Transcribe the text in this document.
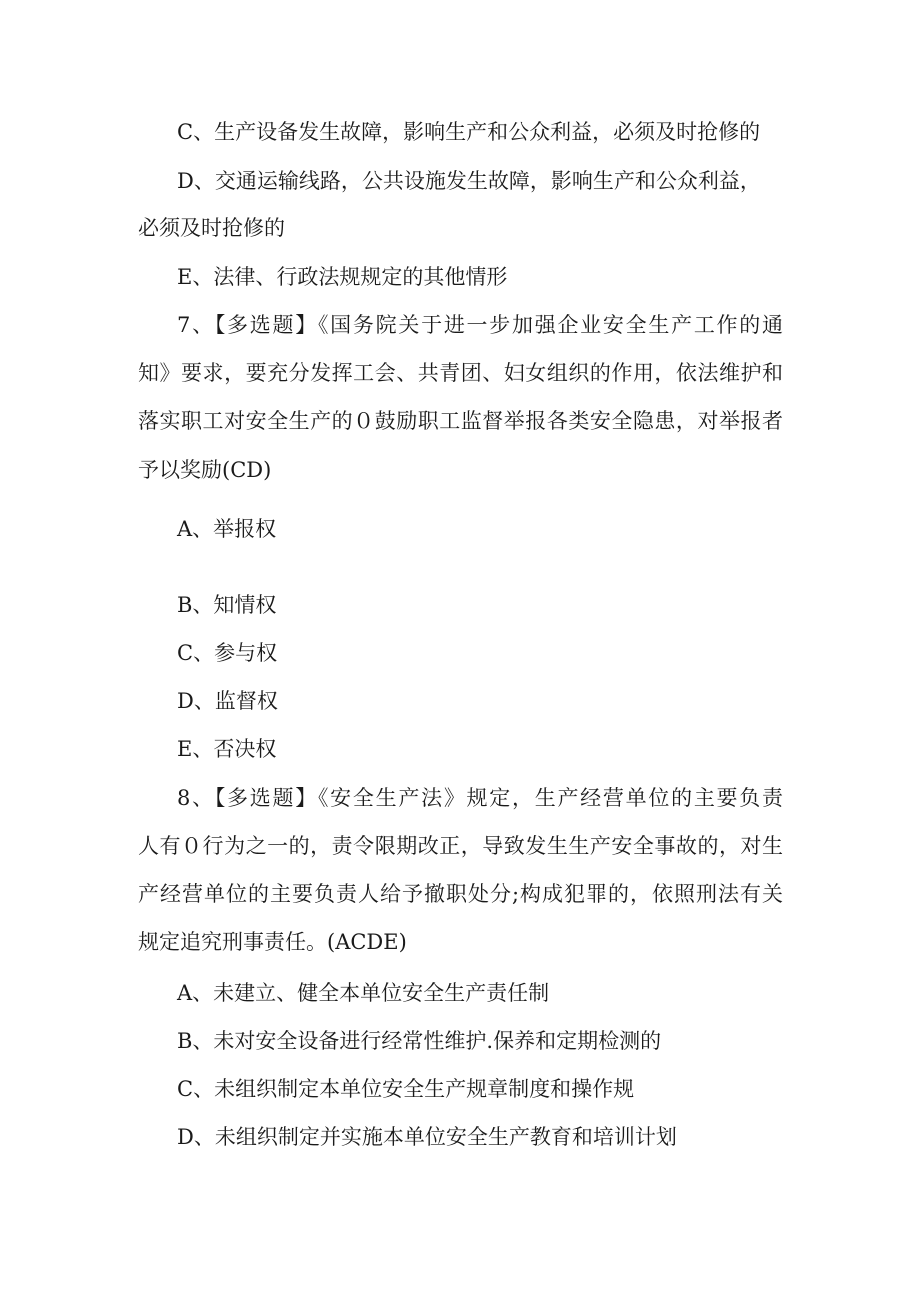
C、生产设备发生故障，影响生产和公众利益，必须及时抢修的
D、交通运输线路，公共设施发生故障，影响生产和公众利益，
必须及时抢修的
E、法律、行政法规规定的其他情形
7、【多选题】《国务院关于进一步加强企业安全生产工作的通
知》要求，要充分发挥工会、共青团、妇女组织的作用，依法维护和
落实职工对安全生产的０鼓励职工监督举报各类安全隐患，对举报者
予以奖励(CD)
A、举报权
B、知情权
C、参与权
D、监督权
E、否决权
8、【多选题】《安全生产法》规定，生产经营单位的主要负责
人有０行为之一的，责令限期改正，导致发生生产安全事故的，对生
产经营单位的主要负责人给予撤职处分;构成犯罪的，依照刑法有关
规定追究刑事责任。(ACDE)
A、未建立、健全本单位安全生产责任制
B、未对安全设备进行经常性维护.保养和定期检测的
C、未组织制定本单位安全生产规章制度和操作规
D、未组织制定并实施本单位安全生产教育和培训计划
